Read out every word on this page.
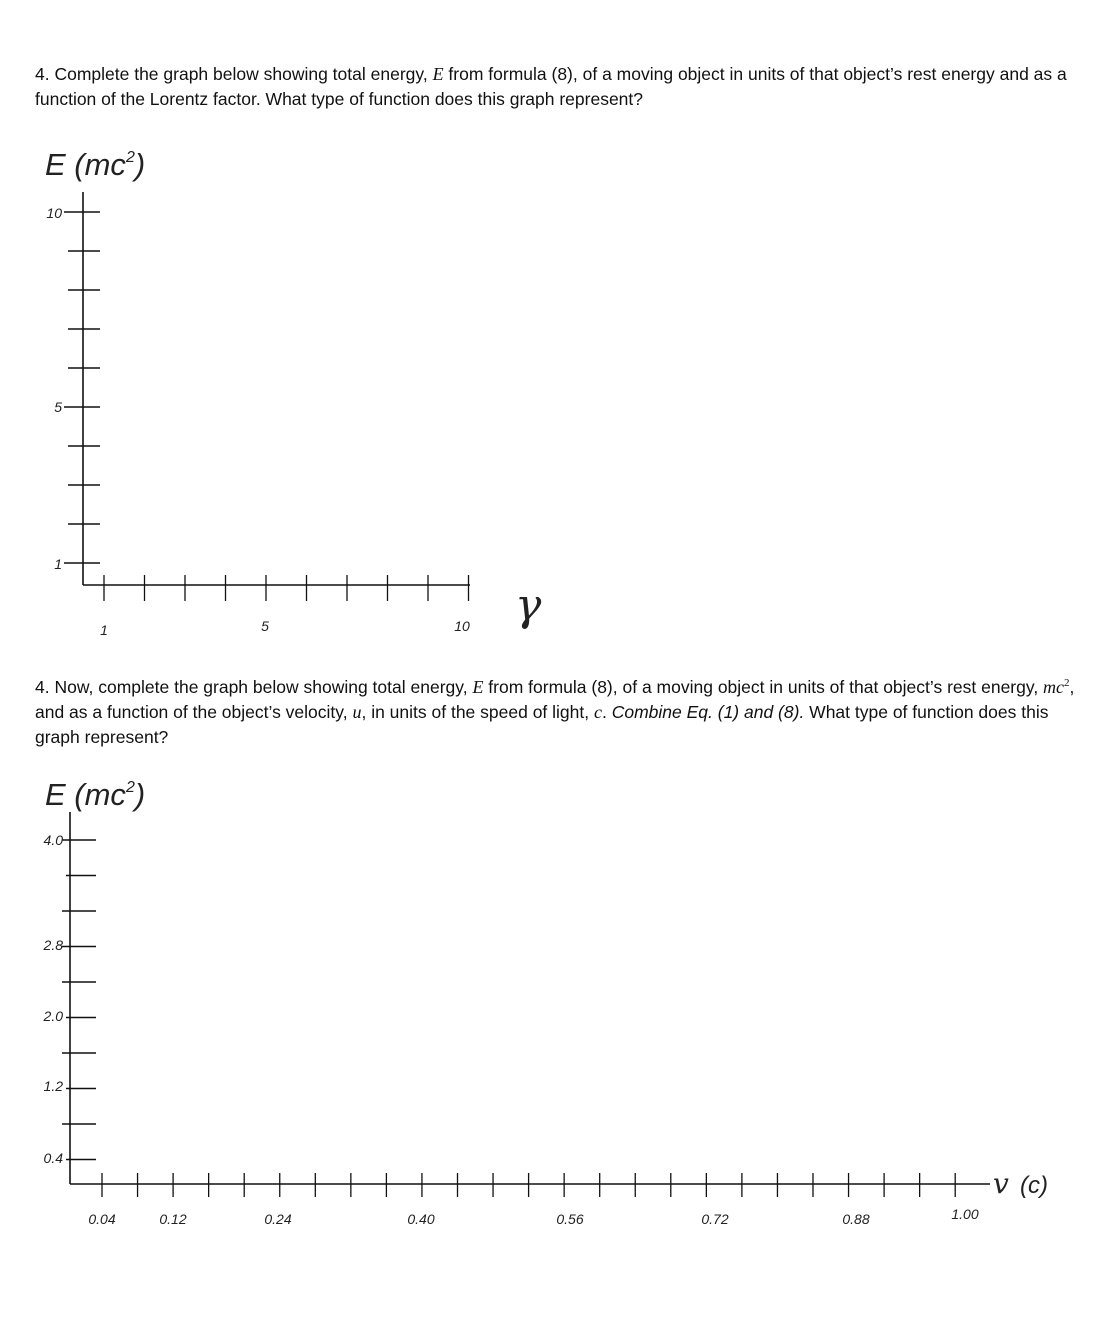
4. Complete the graph below showing total energy, E from formula (8), of a moving object in units of that object’s rest energy and as a function of the Lorentz factor. What type of function does this graph represent?
4. Now, complete the graph below showing total energy, E from formula (8), of a moving object in units of that object’s rest energy, $mc^2$, and as a function of the object’s velocity, u, in units of the speed of light, c. Combine Eq. (1) and (8). What type of function does this graph represent?
E $(mc^2)$
10
5
1
1	5	10 γ
E $(mc^2)$
4.0
2.8
2.0
1.2
0.4
0.04	0.12	0.24	0.40	0.56	0.72	0.88	1.00
v (c)
